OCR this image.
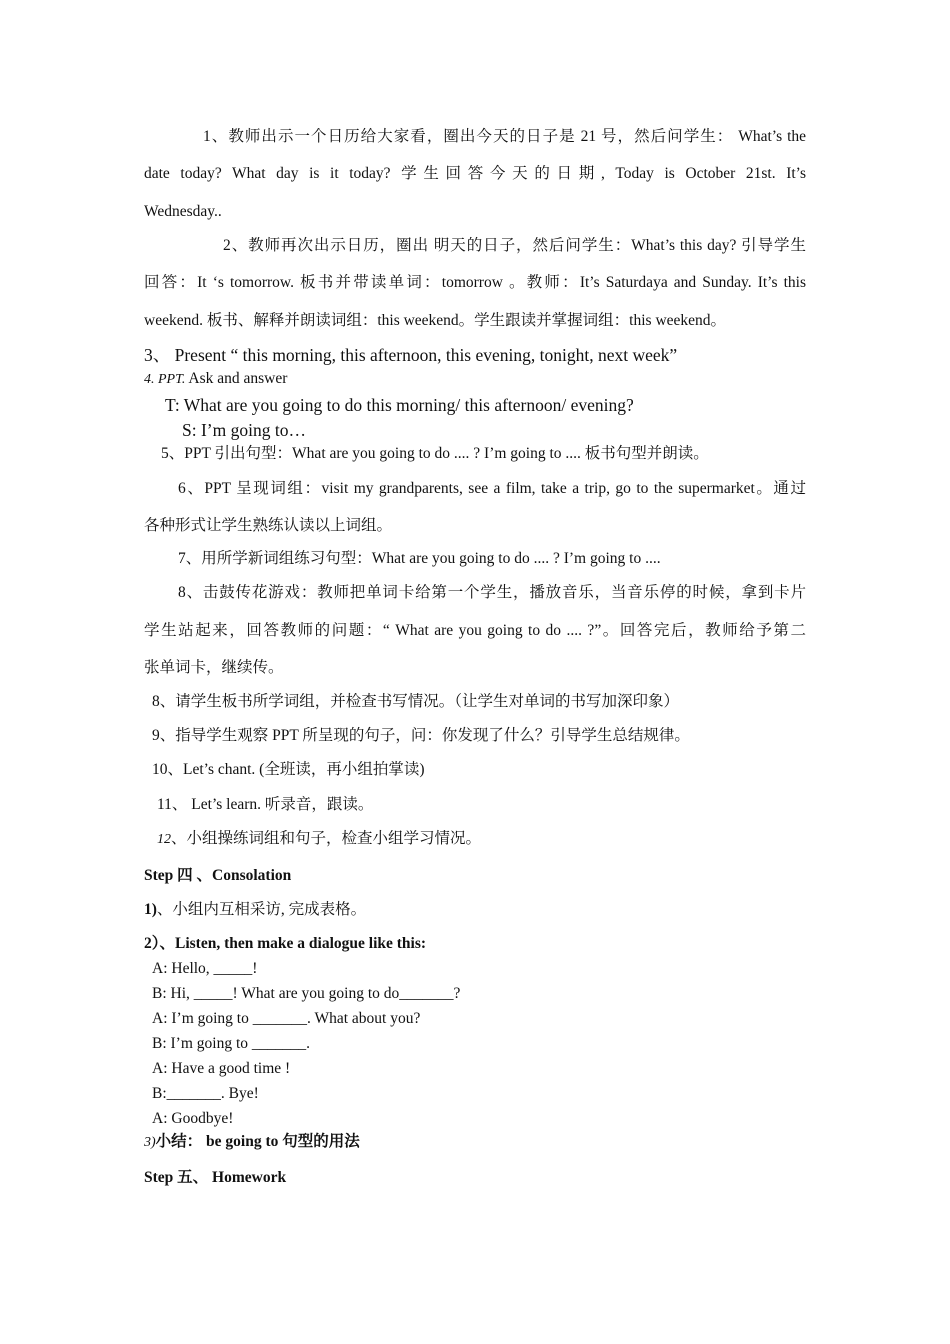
1、教师出示一个日历给大家看，圈出今天的日子是 21 号，然后问学生： What’s the
date today? What day is it today? 学生回答今天的日期, Today is October 21st. It’s
Wednesday..
2、教师再次出示日历，圈出 明天的日子，然后问学生：What’s this day? 引导学生
回答：It ‘s tomorrow. 板书并带读单词：tomorrow 。教师：It’s Saturdaya and Sunday. It’s this
weekend. 板书、解释并朗读词组：this weekend。学生跟读并掌握词组：this weekend。
3、 Present “ this morning, this afternoon, this evening, tonight, next week”
4. PPT. Ask and answer
T: What are you going to do this morning/ this afternoon/ evening?
S: I’m going to…
5、PPT 引出句型：What are you going to do .... ? I’m going to .... 板书句型并朗读。
6、PPT 呈现词组：visit my grandparents, see a film, take a trip, go to the supermarket。通过
各种形式让学生熟练认读以上词组。
7、用所学新词组练习句型：What are you going to do .... ? I’m going to ....
8、击鼓传花游戏：教师把单词卡给第一个学生，播放音乐，当音乐停的时候，拿到卡片
学生站起来，回答教师的问题：“ What are you going to do .... ?”。回答完后，教师给予第二
张单词卡，继续传。
8、请学生板书所学词组，并检查书写情况。（让学生对单词的书写加深印象）
9、指导学生观察 PPT 所呈现的句子，问：你发现了什么？引导学生总结规律。
10、Let’s chant. (全班读，再小组拍掌读)
11、 Let’s learn. 听录音，跟读。
12、小组操练词组和句子，检查小组学习情况。
Step 四 、Consolation
1)、小组内互相采访, 完成表格。
2）、Listen, then make a dialogue like this:
A: Hello, _____!
B: Hi, _____! What are you going to do_______?
A: I’m going to _______. What about you?
B: I’m going to _______.
A: Have a good time !
B:_______. Bye!
A: Goodbye!
3)小结： be going to 句型的用法
Step 五、 Homework
